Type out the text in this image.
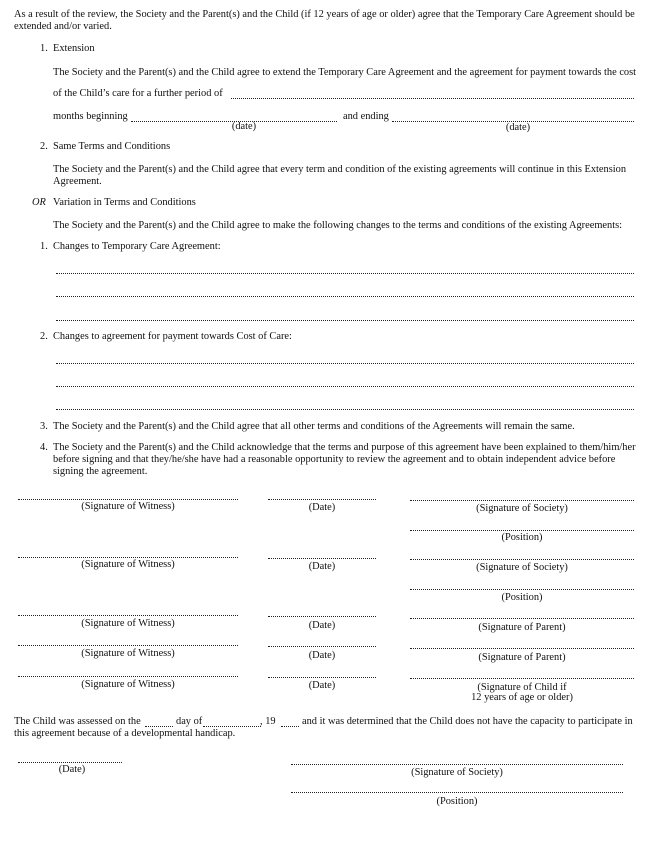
As a result of the review, the Society and the Parent(s) and the Child (if 12 years of age or older) agree that the Temporary Care Agreement should be extended and/or varied.
1. Extension
The Society and the Parent(s) and the Child agree to extend the Temporary Care Agreement and the agreement for payment towards the cost
of the Child’s care for a further period of
months beginning	and ending
(date)	(date)
2. Same Terms and Conditions
The Society and the Parent(s) and the Child agree that every term and condition of the existing agreements will continue in this Extension Agreement.
OR Variation in Terms and Conditions
The Society and the Parent(s) and the Child agree to make the following changes to the terms and conditions of the existing Agreements:
1. Changes to Temporary Care Agreement:
2. Changes to agreement for payment towards Cost of Care:
3. The Society and the Parent(s) and the Child agree that all other terms and conditions of the Agreements will remain the same.
4. The Society and the Parent(s) and the Child acknowledge that the terms and purpose of this agreement have been explained to them/him/her before signing and that they/he/she have had a reasonable opportunity to review the agreement and to obtain independent advice before signing the agreement.
(Signature of Witness)	(Date)	(Signature of Society)
(Position)
(Signature of Witness)	(Date)	(Signature of Society)
(Position)
(Signature of Witness)	(Date)	(Signature of Parent)
(Signature of Witness)	(Date)	(Signature of Parent)
(Signature of Witness)	(Date)	(Signature of Child if
12 years of age or older)
The Child was assessed on the	day of	, 19	and it was determined that the Child does not have the capacity to participate in
this agreement because of a developmental handicap.
(Date)	(Signature of Society)
(Position)
